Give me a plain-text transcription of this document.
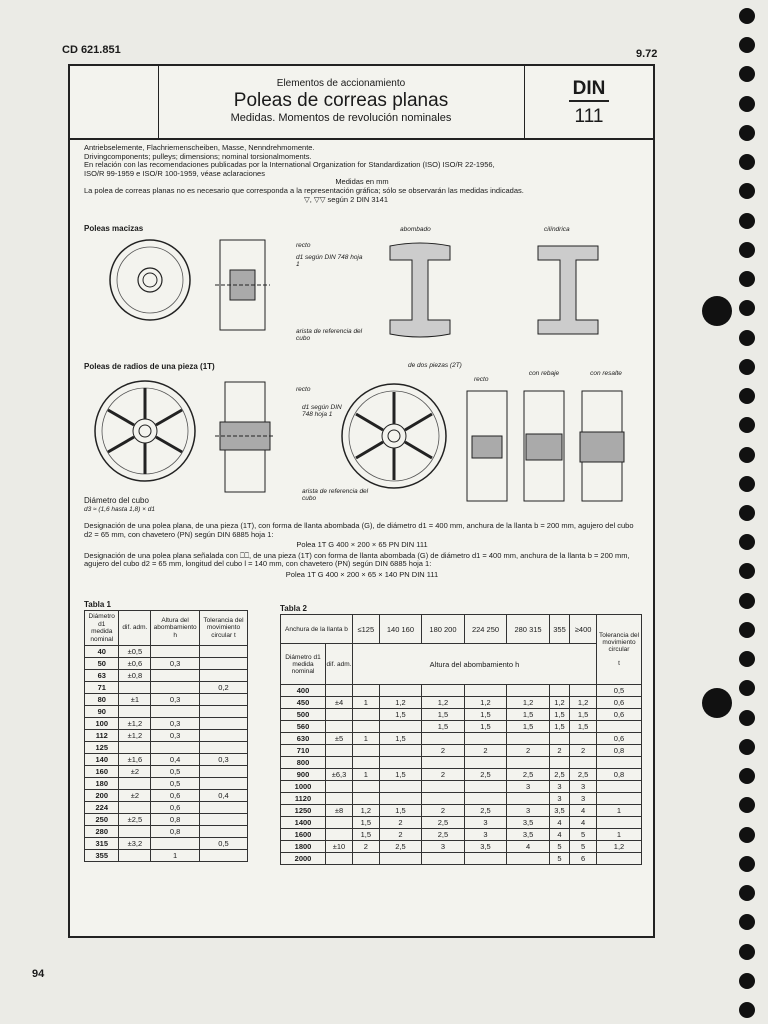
CD 621.851	9.72
Elementos de accionamiento
Poleas de correas planas
Medidas. Momentos de revolución nominales
DIN
111
Antriebselemente, Flachriemenscheiben, Masse, Nenndrehmomente.
Drivingcomponents; pulleys; dimensions; nominal torsionalmoments.
En relación con las recomendaciones publicadas por la International Organization for Standardization (ISO) ISO/R 22-1956,
ISO/R 99-1959 e ISO/R 100-1959, véase aclaraciones
Medidas en mm
La polea de correas planas no es necesario que corresponda a la representación gráfica; sólo se observarán las medidas indicadas.
▽, ▽▽ según 2 DIN 3141
Poleas macizas
recto
d1 según DIN 748 hoja 1
arista de referencia del cubo
abombado	cilíndrica
Poleas de radios de una pieza (1T)
recto
d1 según DIN 748 hoja 1
arista de referencia del cubo
de dos piezas (2T)
recto
con rebaje	con resalte
Diámetro del cubo
d3 ≈ (1,6 hasta 1,8) × d1
Designación de una polea plana, de una pieza (1T), con forma de llanta abombada (G), de diámetro d1 = 400 mm, anchura de la llanta b = 200 mm, agujero del cubo d2 = 65 mm, con chavetero (PN) según DIN 6885 hoja 1:
Polea 1T G 400 × 200 × 65 PN DIN 111
Designación de una polea plana señalada con ⎕⎕, de una pieza (1T) con forma de llanta abombada (G) de diámetro d1 = 400 mm, anchura de la llanta b = 200 mm, agujero del cubo d2 = 65 mm, longitud del cubo l = 140 mm, con chavetero (PN) según DIN 6885 hoja 1:
Polea 1T G 400 × 200 × 65 × 140 PN DIN 111
Tabla 1
Diámetro d1
medida nominal	dif. adm.	Altura del abombamiento h	Tolerancia del movimiento circular t
40	±0,5		
50	±0,6	0,3	
63	±0,8		
71			0,2
80	±1	0,3	
90			
100	±1,2	0,3	
112	±1,2	0,3	
125			
140	±1,6	0,4	0,3
160	±2	0,5	
180		0,5	
200	±2	0,6	0,4
224		0,6	
250	±2,5	0,8	
280		0,8	
315	±3,2		0,5
355		1	
Tabla 2
Anchura de la llanta b		≤125	140 160	180 200	224 250	280 315	355	≥400	Tolerancia del movimiento circular

t
Diámetro d1
medida nominal	dif. adm.	Altura del abombamiento h							
400									0,5
450	±4	1	1,2	1,2	1,2	1,2	1,2	1,2	0,6
500			1,5	1,5	1,5	1,5	1,5	1,5	0,6
560				1,5	1,5	1,5	1,5	1,5	
630	±5	1	1,5						0,6
710				2	2	2	2	2	0,8
800									
900	±6,3	1	1,5	2	2,5	2,5	2,5	2,5	0,8
1000						3	3	3	
1120							3	3	
1250	±8	1,2	1,5	2	2,5	3	3,5	4	1
1400		1,5	2	2,5	3	3,5	4	4	
1600		1,5	2	2,5	3	3,5	4	5	1
1800	±10	2	2,5	3	3,5	4	5	5	1,2
2000							5	6	
94
